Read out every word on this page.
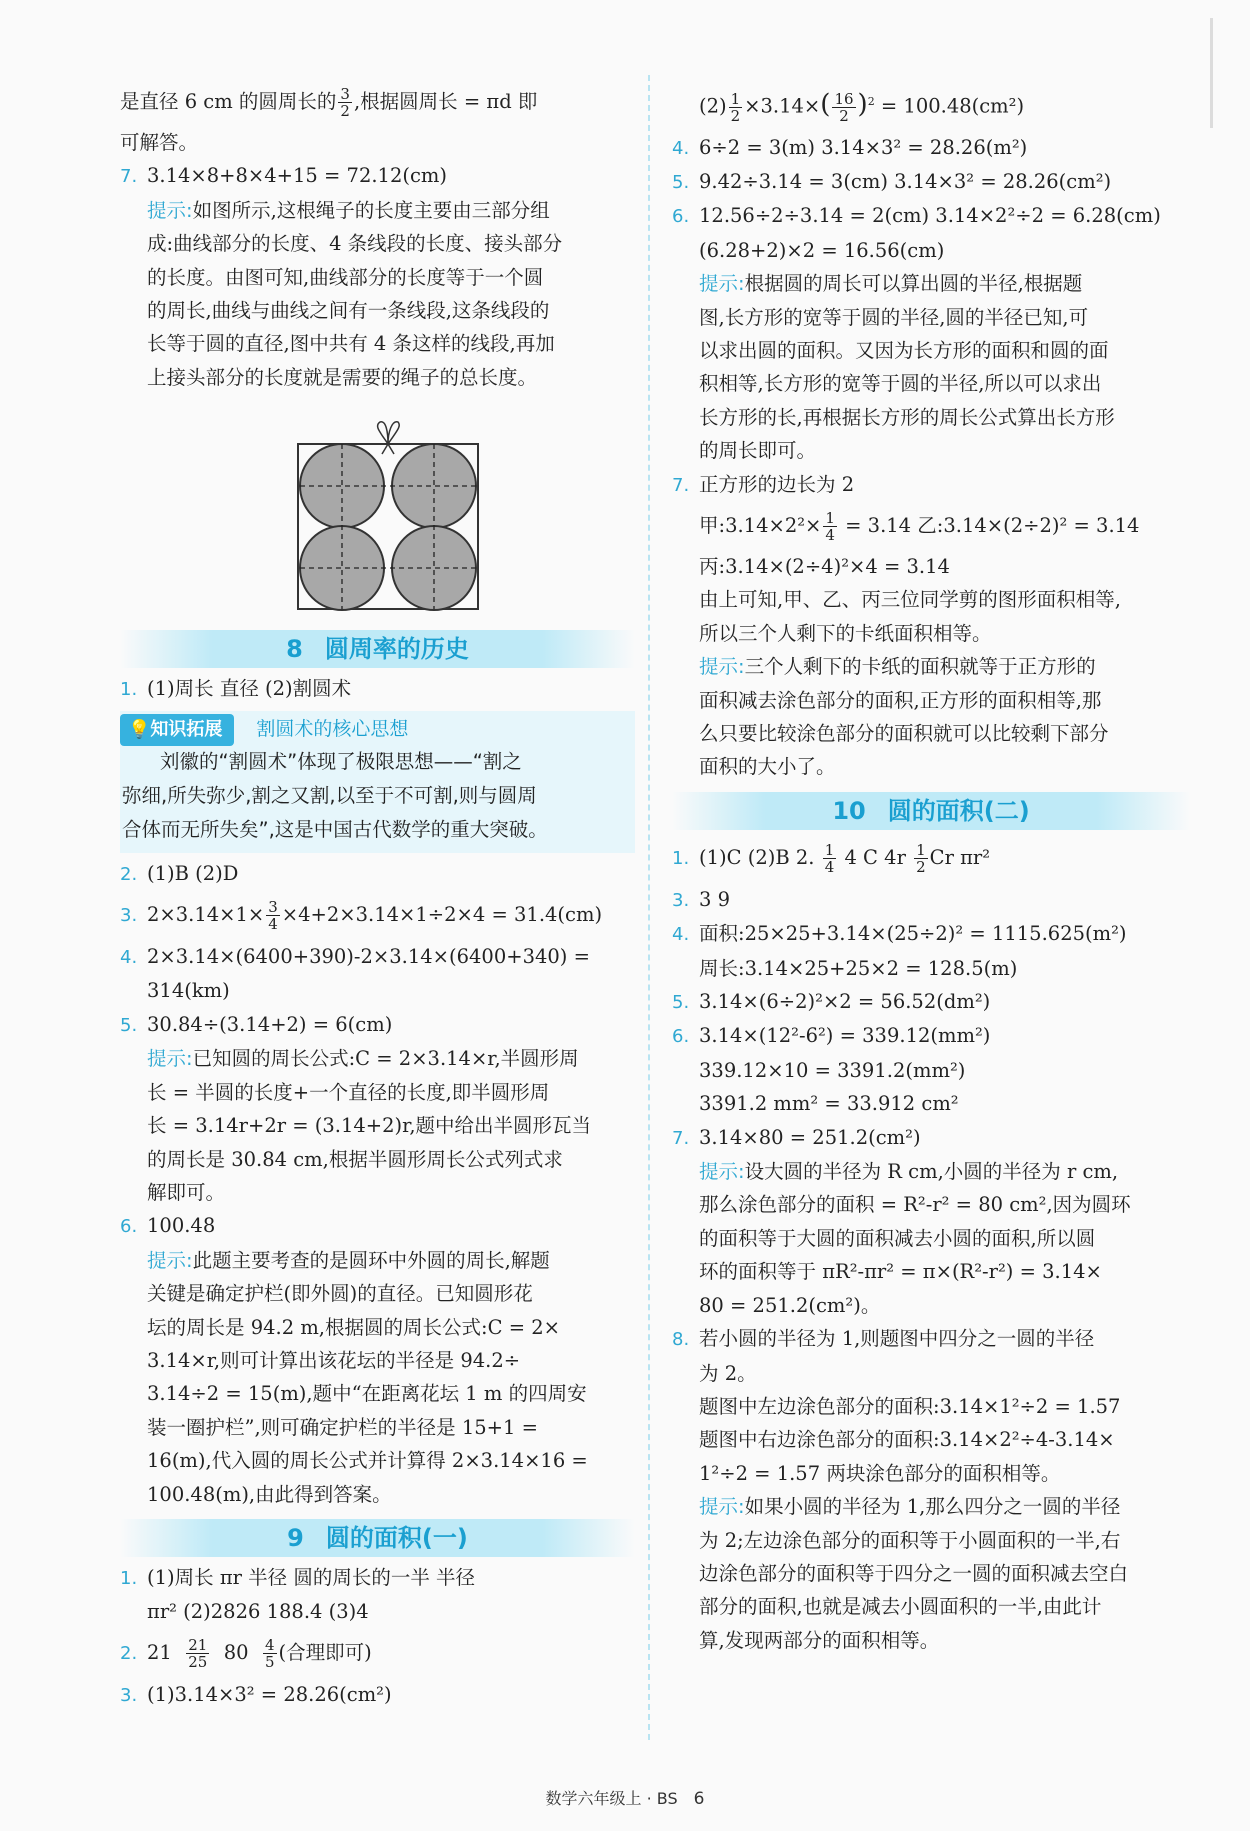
是直径 6 cm 的圆周长的 $\frac{3}{2}$ ,根据圆周长 = πd 即
可解答。
7. 3.14×8+8×4+15 = 72.12(cm)
提示:如图所示,这根绳子的长度主要由三部分组
成:曲线部分的长度、4 条线段的长度、接头部分
的长度。由图可知,曲线部分的长度等于一个圆
的周长,曲线与曲线之间有一条线段,这条线段的
长等于圆的直径,图中共有 4 条这样的线段,再加
上接头部分的长度就是需要的绳子的总长度。
8 圆周率的历史
1. (1)周长 直径 (2)割圆术
💡知识拓展 割圆术的核心思想
刘徽的“割圆术”体现了极限思想——“割之
弥细,所失弥少,割之又割,以至于不可割,则与圆周
合体而无所失矣”,这是中国古代数学的重大突破。
2. (1)B (2)D
3. $2\times 3.14\times 1\times \frac{3}{4} \times 4+2\times 3.14\times 1\div 2\times 4 = 31.4(cm)$
4. 2×3.14×(6400+390)-2×3.14×(6400+340) =
314(km)
5. 30.84÷(3.14+2) = 6(cm)
提示:已知圆的周长公式:C = 2×3.14×r,半圆形周
长 = 半圆的长度+一个直径的长度,即半圆形周
长 = 3.14r+2r = (3.14+2)r,题中给出半圆形瓦当
的周长是 30.84 cm,根据半圆形周长公式列式求
解即可。
6. 100.48
提示:此题主要考查的是圆环中外圆的周长,解题
关键是确定护栏(即外圆)的直径。已知圆形花
坛的周长是 94.2 m,根据圆的周长公式:C = 2×
3.14×r,则可计算出该花坛的半径是 94.2÷
3.14÷2 = 15(m),题中“在距离花坛 1 m 的四周安
装一圈护栏”,则可确定护栏的半径是 15+1 =
16(m),代入圆的周长公式并计算得 2×3.14×16 =
100.48(m),由此得到答案。
9 圆的面积(一)
1. (1)周长 πr 半径 圆的周长的一半 半径
πr² (2)2826 188.4 (3)4
2. $21 \frac{21}{25} 80 \frac{4}{5}$ (合理即可)
3. (1)3.14×3² = 28.26(cm²)
$(2) \frac{1}{2} \times 3.14\times( \frac{16}{2} )^2 = 100.48(cm^2)$
4. 6÷2 = 3(m) 3.14×3² = 28.26(m²)
5. 9.42÷3.14 = 3(cm) 3.14×3² = 28.26(cm²)
6. 12.56÷2÷3.14 = 2(cm) 3.14×2²÷2 = 6.28(cm)
(6.28+2)×2 = 16.56(cm)
提示:根据圆的周长可以算出圆的半径,根据题
图,长方形的宽等于圆的半径,圆的半径已知,可
以求出圆的面积。又因为长方形的面积和圆的面
积相等,长方形的宽等于圆的半径,所以可以求出
长方形的长,再根据长方形的周长公式算出长方形
的周长即可。
7. 正方形的边长为 2
甲:3.14×2²× $\frac{1}{4} = 3.14$ 乙:3.14×(2÷2)² = 3.14
丙:3.14×(2÷4)²×4 = 3.14
由上可知,甲、乙、丙三位同学剪的图形面积相等,
所以三个人剩下的卡纸面积相等。
提示:三个人剩下的卡纸的面积就等于正方形的
面积减去涂色部分的面积,正方形的面积相等,那
么只要比较涂色部分的面积就可以比较剩下部分
面积的大小了。
10 圆的面积(二)
1. (1)C (2)B 2. $\frac{1}{4} 4$ C $4r \frac{1}{2}$ Cr πr²
3. 3 9
4. 面积:25×25+3.14×(25÷2)² = 1115.625(m²)
周长:3.14×25+25×2 = 128.5(m)
5. 3.14×(6÷2)²×2 = 56.52(dm²)
6. 3.14×(12²-6²) = 339.12(mm²)
339.12×10 = 3391.2(mm²)
3391.2 mm² = 33.912 cm²
7. 3.14×80 = 251.2(cm²)
提示:设大圆的半径为 R cm,小圆的半径为 r cm,
那么涂色部分的面积 = R²-r² = 80 cm²,因为圆环
的面积等于大圆的面积减去小圆的面积,所以圆
环的面积等于 πR²-πr² = π×(R²-r²) = 3.14×
80 = 251.2(cm²)。
8. 若小圆的半径为 1,则题图中四分之一圆的半径
为 2。
题图中左边涂色部分的面积:3.14×1²÷2 = 1.57
题图中右边涂色部分的面积:3.14×2²÷4-3.14×
1²÷2 = 1.57 两块涂色部分的面积相等。
提示:如果小圆的半径为 1,那么四分之一圆的半径
为 2;左边涂色部分的面积等于小圆面积的一半,右
边涂色部分的面积等于四分之一圆的面积减去空白
部分的面积,也就是减去小圆面积的一半,由此计
算,发现两部分的面积相等。
数学六年级上 · BS 6
